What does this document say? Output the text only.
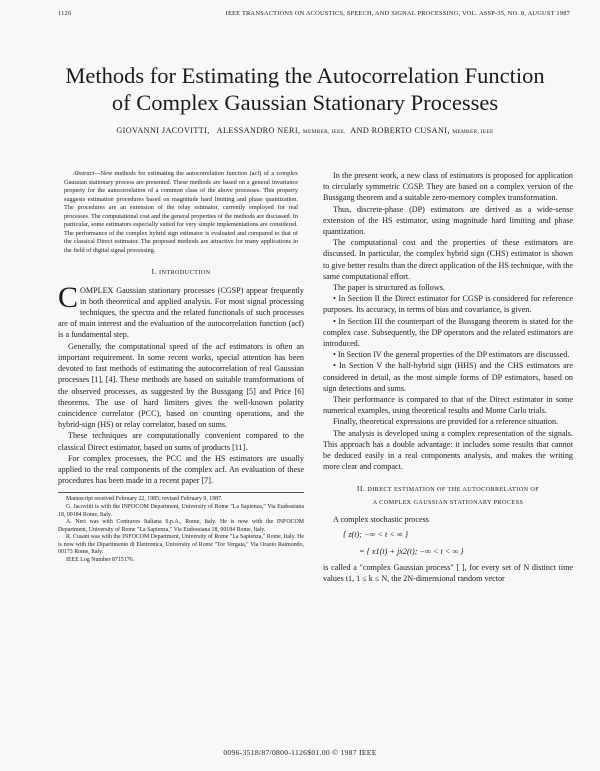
1126	IEEE TRANSACTIONS ON ACOUSTICS, SPEECH, AND SIGNAL PROCESSING, VOL. ASSP-35, NO. 8, AUGUST 1987
Methods for Estimating the Autocorrelation Function
of Complex Gaussian Stationary Processes
GIOVANNI JACOVITTI, ALESSANDRO NERI, MEMBER, IEEE, AND ROBERTO CUSANI, MEMBER, IEEE

Abstract—New methods for estimating the autocorrelation function (acf) of a complex Gaussian stationary process are presented. These methods are based on a general invariance property for the autocorrelation of a common class of the above processes. This property suggests estimation procedures based on magnitude hard limiting and phase quantization. The procedures are an extension of the relay estimator, currently employed for real processes. The computational cost and the general properties of the methods are discussed. In particular, some estimators especially suited for very simple implementations are considered. The performance of the complex hybrid sign estimator is evaluated and compared to that of the classical Direct estimator. The proposed methods are attractive for many applications in the field of digital signal processing.

I. INTRODUCTION

COMPLEX Gaussian stationary processes (CGSP) appear frequently in both theoretical and applied analysis. For most signal processing techniques, the spectra and the related functionals of such processes are of main interest and the evaluation of the autocorrelation function (acf) is a fundamental step.

Generally, the computational speed of the acf estimators is often an important requirement. In some recent works, special attention has been devoted to fast methods of estimating the autocorrelation of real Gaussian processes [1], [4]. These methods are based on suitable transformations of the observed processes, as suggested by the Bussgang [5] and Price [6] theorems. The use of hard limiters gives the well-known polarity coincidence correlator (PCC), based on counting operations, and the hybrid-sign (HS) or relay correlator, based on sums.

These techniques are computationally convenient compared to the classical Direct estimator, based on sums of products [11].

For complex processes, the PCC and the HS estimators are usually applied to the real components of the complex acf. An evaluation of these procedures has been made in a recent paper [7].

Manuscript received February 22, 1985; revised February 9, 1987.

G. Jacovitti is with the INFOCOM Department, University of Rome "La Sapienza," Via Eudossiana 18, 00184 Rome, Italy.

A. Neri was with Contraves Italiana S.p.A., Rome, Italy. He is now with the INFOCOM Department, University of Rome "La Sapienza," Via Eudossiana 18, 00184 Rome, Italy.

R. Cusani was with the INFOCOM Department, University of Rome "La Sapienza," Rome, Italy. He is now with the Dipartimento di Elettronica, University of Rome "Tor Vergata," Via Orazio Raimondo, 00173 Rome, Italy.

IEEE Log Number 8715176.

In the present work, a new class of estimators is proposed for application to circularly symmetric CGSP. They are based on a complex version of the Bussgang theorem and a suitable zero-memory complex transformation.

Thus, discrete-phase (DP) estimators are derived as a wide-sense extension of the HS estimator, using magnitude hard limiting and phase quantization.

The computational cost and the properties of these estimators are discussed. In particular, the complex hybrid sign (CHS) estimator is shown to give better results than the direct application of the HS technique, with the same computational effort.

The paper is structured as follows.

• In Section II the Direct estimator for CGSP is considered for reference purposes. Its accuracy, in terms of bias and covariance, is given.

• In Section III the counterpart of the Bussgang theorem is stated for the complex case. Subsequently, the DP operators and the related estimators are introduced.

• In Section IV the general properties of the DP estimators are discussed.

• In Section V the half-hybrid sign (HHS) and the CHS estimators are considered in detail, as the most simple forms of DP estimators, based on sign detections and sums.

Their performance is compared to that of the Direct estimator in some numerical examples, using theoretical results and Monte Carlo trials.

Finally, theoretical expressions are provided for a reference situation.

The analysis is developed using a complex representation of the signals. This approach has a double advantage: it includes some results that cannot be deduced easily in a real components analysis, and makes the writing more clear and compact.

II. DIRECT ESTIMATION OF THE AUTOCORRELATION OF
A COMPLEX GAUSSIAN STATIONARY PROCESS

A complex stochastic process

{ z(t); −∞ < t < ∞ }
= { x1(t) + jx2(t); −∞ < t < ∞ }

is called a "complex Gaussian process" [ ], for every set of N distinct time values t1, 1 ≤ k ≤ N, the 2N-dimensional random vector

0096-3518/87/0800-1126$01.00 © 1987 IEEE
